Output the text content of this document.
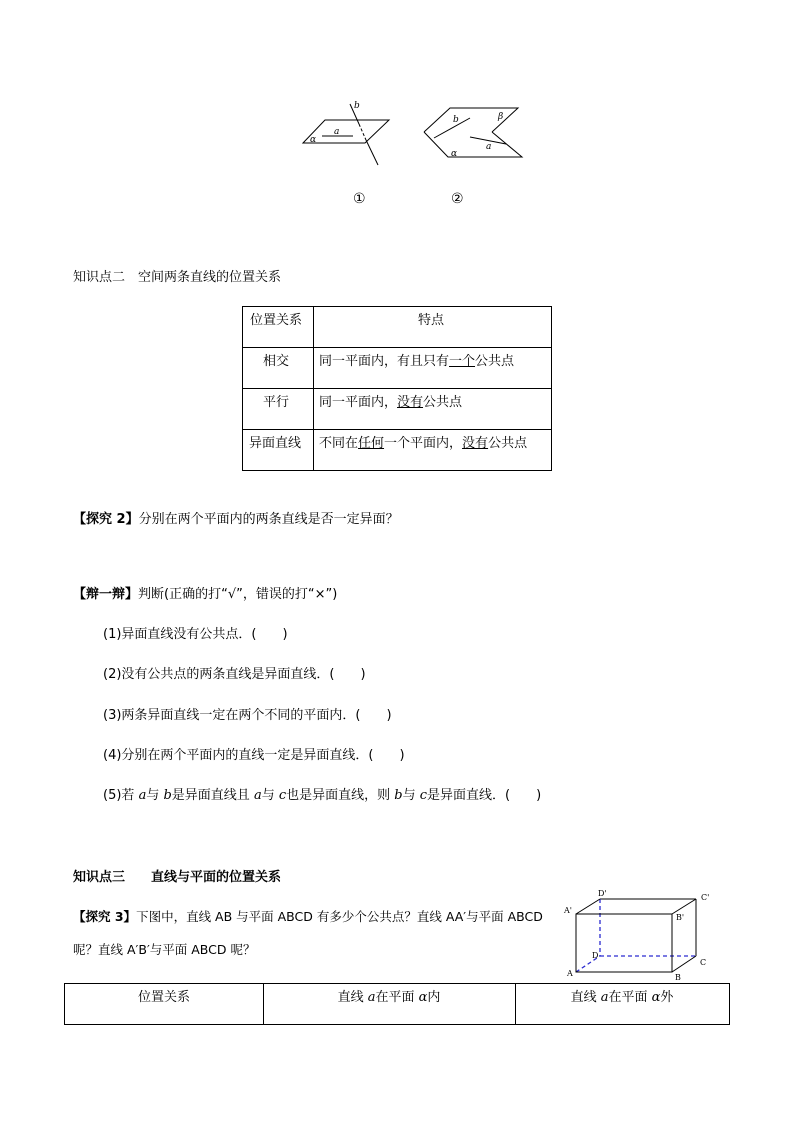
b
a
α
b	β
a
α
①	②
知识点二　空间两条直线的位置关系
位置关系	特点
相交 同一平面内，有且只有一个公共点
平行 同一平面内，没有公共点
异面直线 不同在任何一个平面内，没有公共点
【探究 2】分别在两个平面内的两条直线是否一定异面？
【辩一辩】判断(正确的打“√”，错误的打“×”)
(1)异面直线没有公共点．(　　)
(2)没有公共点的两条直线是异面直线．(　　)
(3)两条异面直线一定在两个不同的平面内．(　　)
(4)分别在两个平面内的直线一定是异面直线．(　　)
(5)若 a与 b是异面直线且 a与 c也是异面直线，则 b与 c是异面直线．(　　)
知识点三　　直线与平面的位置关系
【探究 3】下图中，直线 AB 与平面 ABCD 有多少个公共点？直线 AA′与平面 ABCD
呢？直线 A′B′与平面 ABCD 呢？
D'	C'
A'
B'
D
C
A	B
位置关系	直线 a在平面 α内	直线 a在平面 α外
